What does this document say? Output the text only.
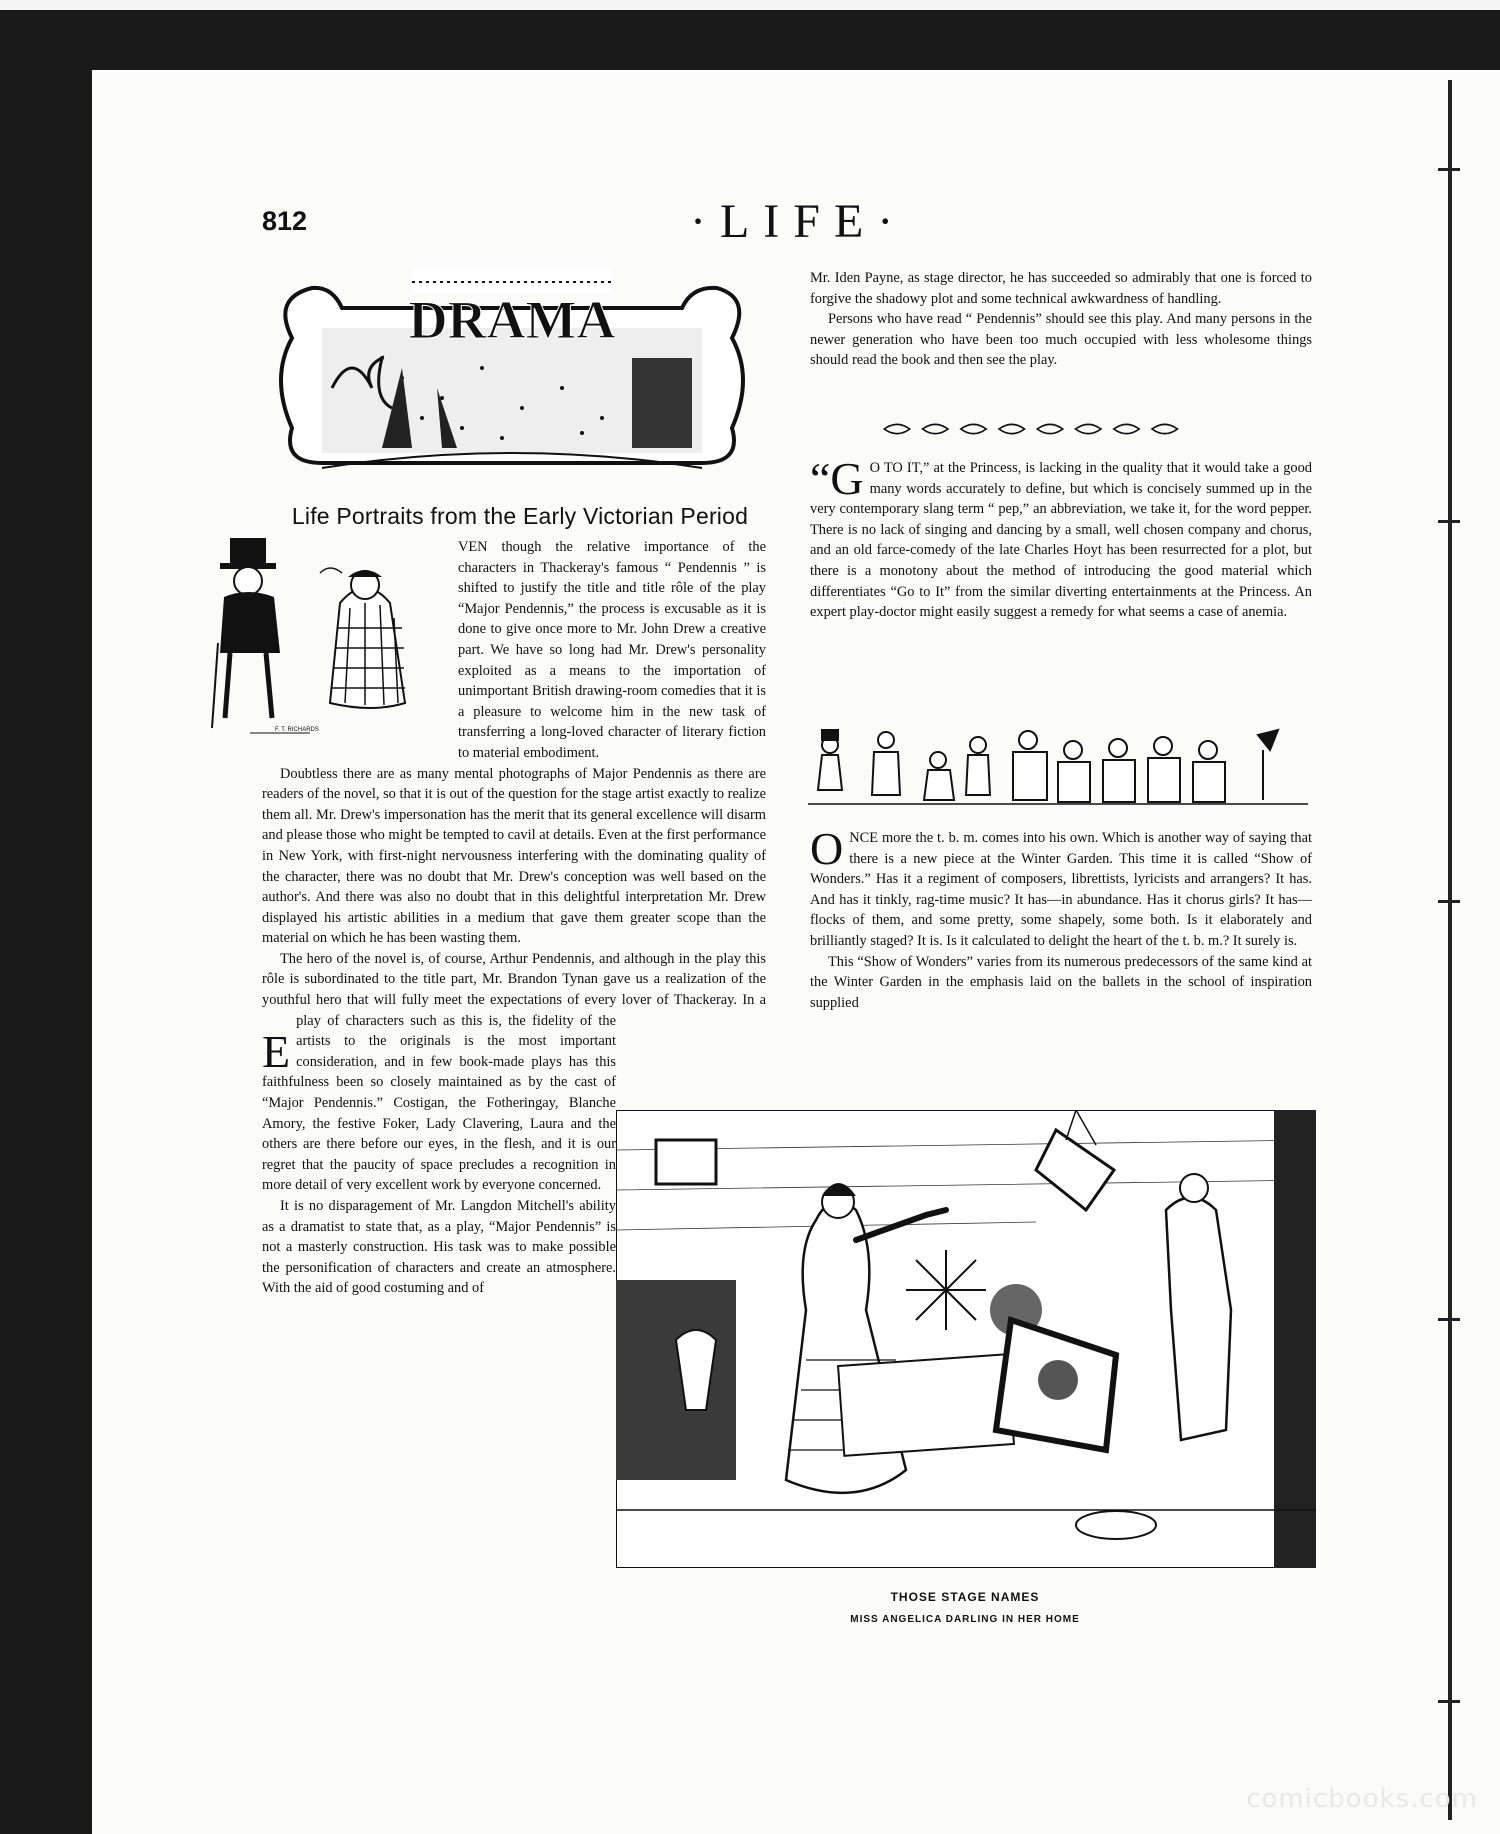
812	·LIFE·
DRAMA
Life Portraits from the Early Victorian Period
F. T. RICHARDS

E
VEN though the relative importance of the characters in Thackeray's famous “ Pendennis ” is shifted to justify the title and title rôle of the play “Major Pendennis,” the process is excusable as it is done to give once more to Mr. John Drew a creative part. We have so long had Mr. Drew's personality exploited as a means to the importation of unimportant British drawing-room comedies that it is a pleasure to welcome him in the new task of transferring a long-loved character of literary fiction to material embodiment.

Doubtless there are as many mental photographs of Major Pendennis as there are readers of the novel, so that it is out of the question for the stage artist exactly to realize them all. Mr. Drew's impersonation has the merit that its general excellence will disarm and please those who might be tempted to cavil at details. Even at the first performance in New York, with first-night nervousness interfering with the dominating quality of the character, there was no doubt that Mr. Drew's conception was well based on the author's. And there was also no doubt that in this delightful interpretation Mr. Drew displayed his artistic abilities in a medium that gave them greater scope than the material on which he has been wasting them.

The hero of the novel is, of course, Arthur Pendennis, and although in the play this rôle is subordinated to the title part, Mr. Brandon Tynan gave us a realization of the youthful hero that will fully meet the expectations of every lover of Thackeray. In a play of characters such as this is, the fidelity of the artists to the originals is the most important consideration, and in few book-made plays has this faithfulness been so closely maintained as by the cast of “Major Pendennis.” Costigan, the Fotheringay, Blanche Amory, the festive Foker, Lady Clavering, Laura and the others are there before our eyes, in the flesh, and it is our regret that the paucity of space precludes a recognition in more detail of very excellent work by everyone concerned.

It is no disparagement of Mr. Langdon Mitchell's ability as a dramatist to state that, as a play, “Major Pendennis” is not a masterly construction. His task was to make possible the personification of characters and create an atmosphere. With the aid of good costuming and of

Mr. Iden Payne, as stage director, he has succeeded so admirably that one is forced to forgive the shadowy plot and some technical awkwardness of handling.

Persons who have read “ Pendennis” should see this play. And many persons in the newer generation who have been too much occupied with less wholesome things should read the book and then see the play.

“G O TO IT,” at the Princess, is lacking in the quality that it would take a good many words accurately to define, but which is concisely summed up in the very contemporary slang term “ pep,” an abbreviation, we take it, for the word pepper. There is no lack of singing and dancing by a small, well chosen company and chorus, and an old farce-comedy of the late Charles Hoyt has been resurrected for a plot, but there is a monotony about the method of introducing the good material which differentiates “Go to It” from the similar diverting entertainments at the Princess. An expert play-doctor might easily suggest a remedy for what seems a case of anemia.

ONCE more the t. b. m. comes into his own. Which is another way of saying that there is a new piece at the Winter Garden. This time it is called “Show of Wonders.” Has it a regiment of composers, librettists, lyricists and arrangers? It has. And has it tinkly, rag-time music? It has—in abundance. Has it chorus girls? It has—flocks of them, and some pretty, some shapely, some both. Is it elaborately and brilliantly staged? It is. Is it calculated to delight the heart of the t. b. m.? It surely is.

This “Show of Wonders” varies from its numerous predecessors of the same kind at the Winter Garden in the emphasis laid on the ballets in the school of inspiration supplied

THOSE STAGE NAMES
MISS ANGELICA DARLING IN HER HOME
comicbooks.com
